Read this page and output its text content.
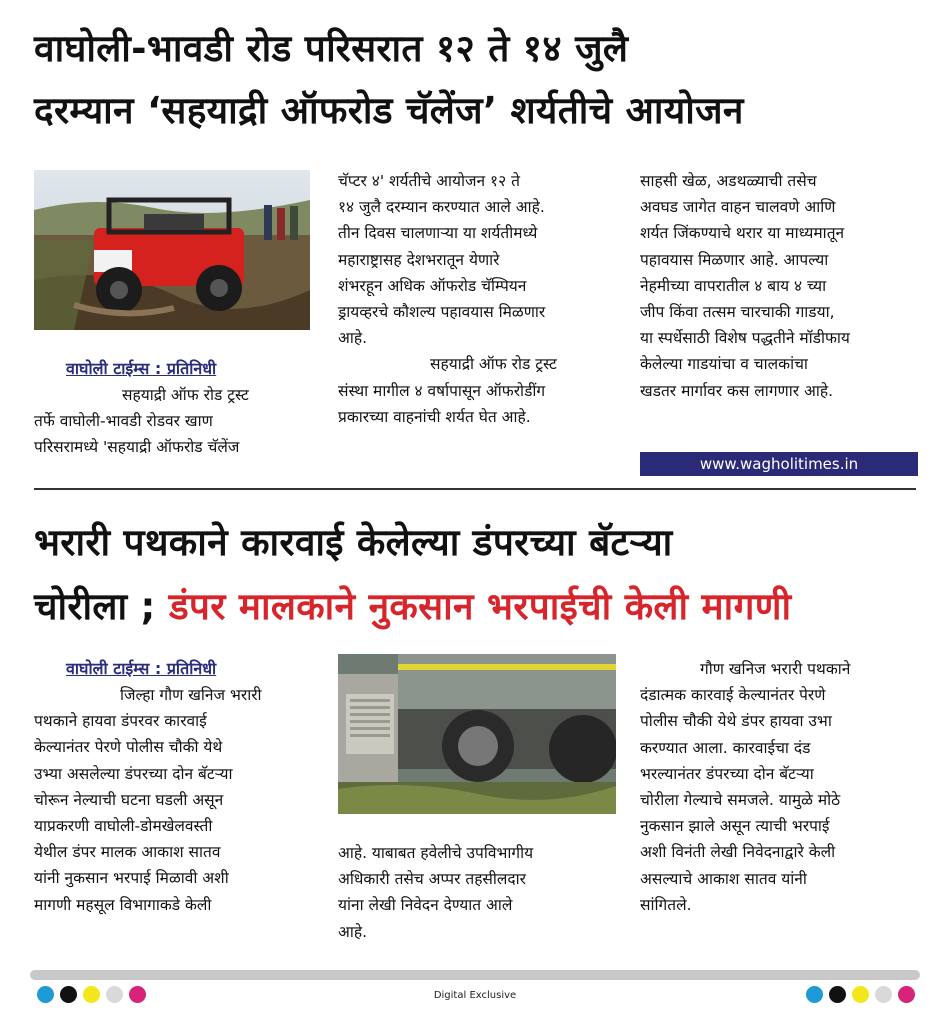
वाघोली-भावडी रोड परिसरात १२ ते १४ जुलै
दरम्यान ‘सहयाद्री ऑफरोड चॅलेंज’ शर्यतीचे आयोजन
वाघोली टाईम्स : प्रतिनिधी

सहयाद्री ऑफ रोड ट्रस्ट

तर्फे वाघोली-भावडी रोडवर खाण

परिसरामध्ये 'सहयाद्री ऑफरोड चॅलेंज

चॅप्टर ४' शर्यतीचे आयोजन १२ ते

१४ जुलै दरम्यान करण्यात आले आहे.

तीन दिवस चालणाऱ्या या शर्यतीमध्ये

महाराष्ट्रासह देशभरातून येणारे

शंभरहून अधिक ऑफरोड चॅम्पियन

ड्रायव्हरचे कौशल्य पहावयास मिळणार

आहे.

सहयाद्री ऑफ रोड ट्रस्ट

संस्था मागील ४ वर्षापासून ऑफरोडींग

प्रकारच्या वाहनांची शर्यत घेत आहे.

साहसी खेळ, अडथळ्याची तसेच

अवघड जागेत वाहन चालवणे आणि

शर्यत जिंकण्याचे थरार या माध्यमातून

पहावयास मिळणार आहे. आपल्या

नेहमीच्या वापरातील ४ बाय ४ च्या

जीप किंवा तत्सम चारचाकी गाडया,

या स्पर्धेसाठी विशेष पद्धतीने मॉडीफाय

केलेल्या गाडयांचा व चालकांचा

खडतर मार्गावर कस लागणार आहे.

www.wagholitimes.in
भरारी पथकाने कारवाई केलेल्या डंपरच्या बॅटऱ्या
चोरीला ; डंपर मालकाने नुकसान भरपाईची केली मागणी
वाघोली टाईम्स : प्रतिनिधी

जिल्हा गौण खनिज भरारी

पथकाने हायवा डंपरवर कारवाई

केल्यानंतर पेरणे पोलीस चौकी येथे

उभ्या असलेल्या डंपरच्या दोन बॅटऱ्या

चोरून नेल्याची घटना घडली असून

याप्रकरणी वाघोली-डोमखेलवस्ती

येथील डंपर मालक आकाश सातव

यांनी नुकसान भरपाई मिळावी अशी

मागणी महसूल विभागाकडे केली

आहे. याबाबत हवेलीचे उपविभागीय

अधिकारी तसेच अप्पर तहसीलदार

यांना लेखी निवेदन देण्यात आले

आहे.

गौण खनिज भरारी पथकाने

दंडात्मक कारवाई केल्यानंतर पेरणे

पोलीस चौकी येथे डंपर हायवा उभा

करण्यात आला. कारवाईचा दंड

भरल्यानंतर डंपरच्या दोन बॅटऱ्या

चोरीला गेल्याचे समजले. यामुळे मोठे

नुकसान झाले असून त्याची भरपाई

अशी विनंती लेखी निवेदनाद्वारे केली

असल्याचे आकाश सातव यांनी

सांगितले.

Digital Exclusive
